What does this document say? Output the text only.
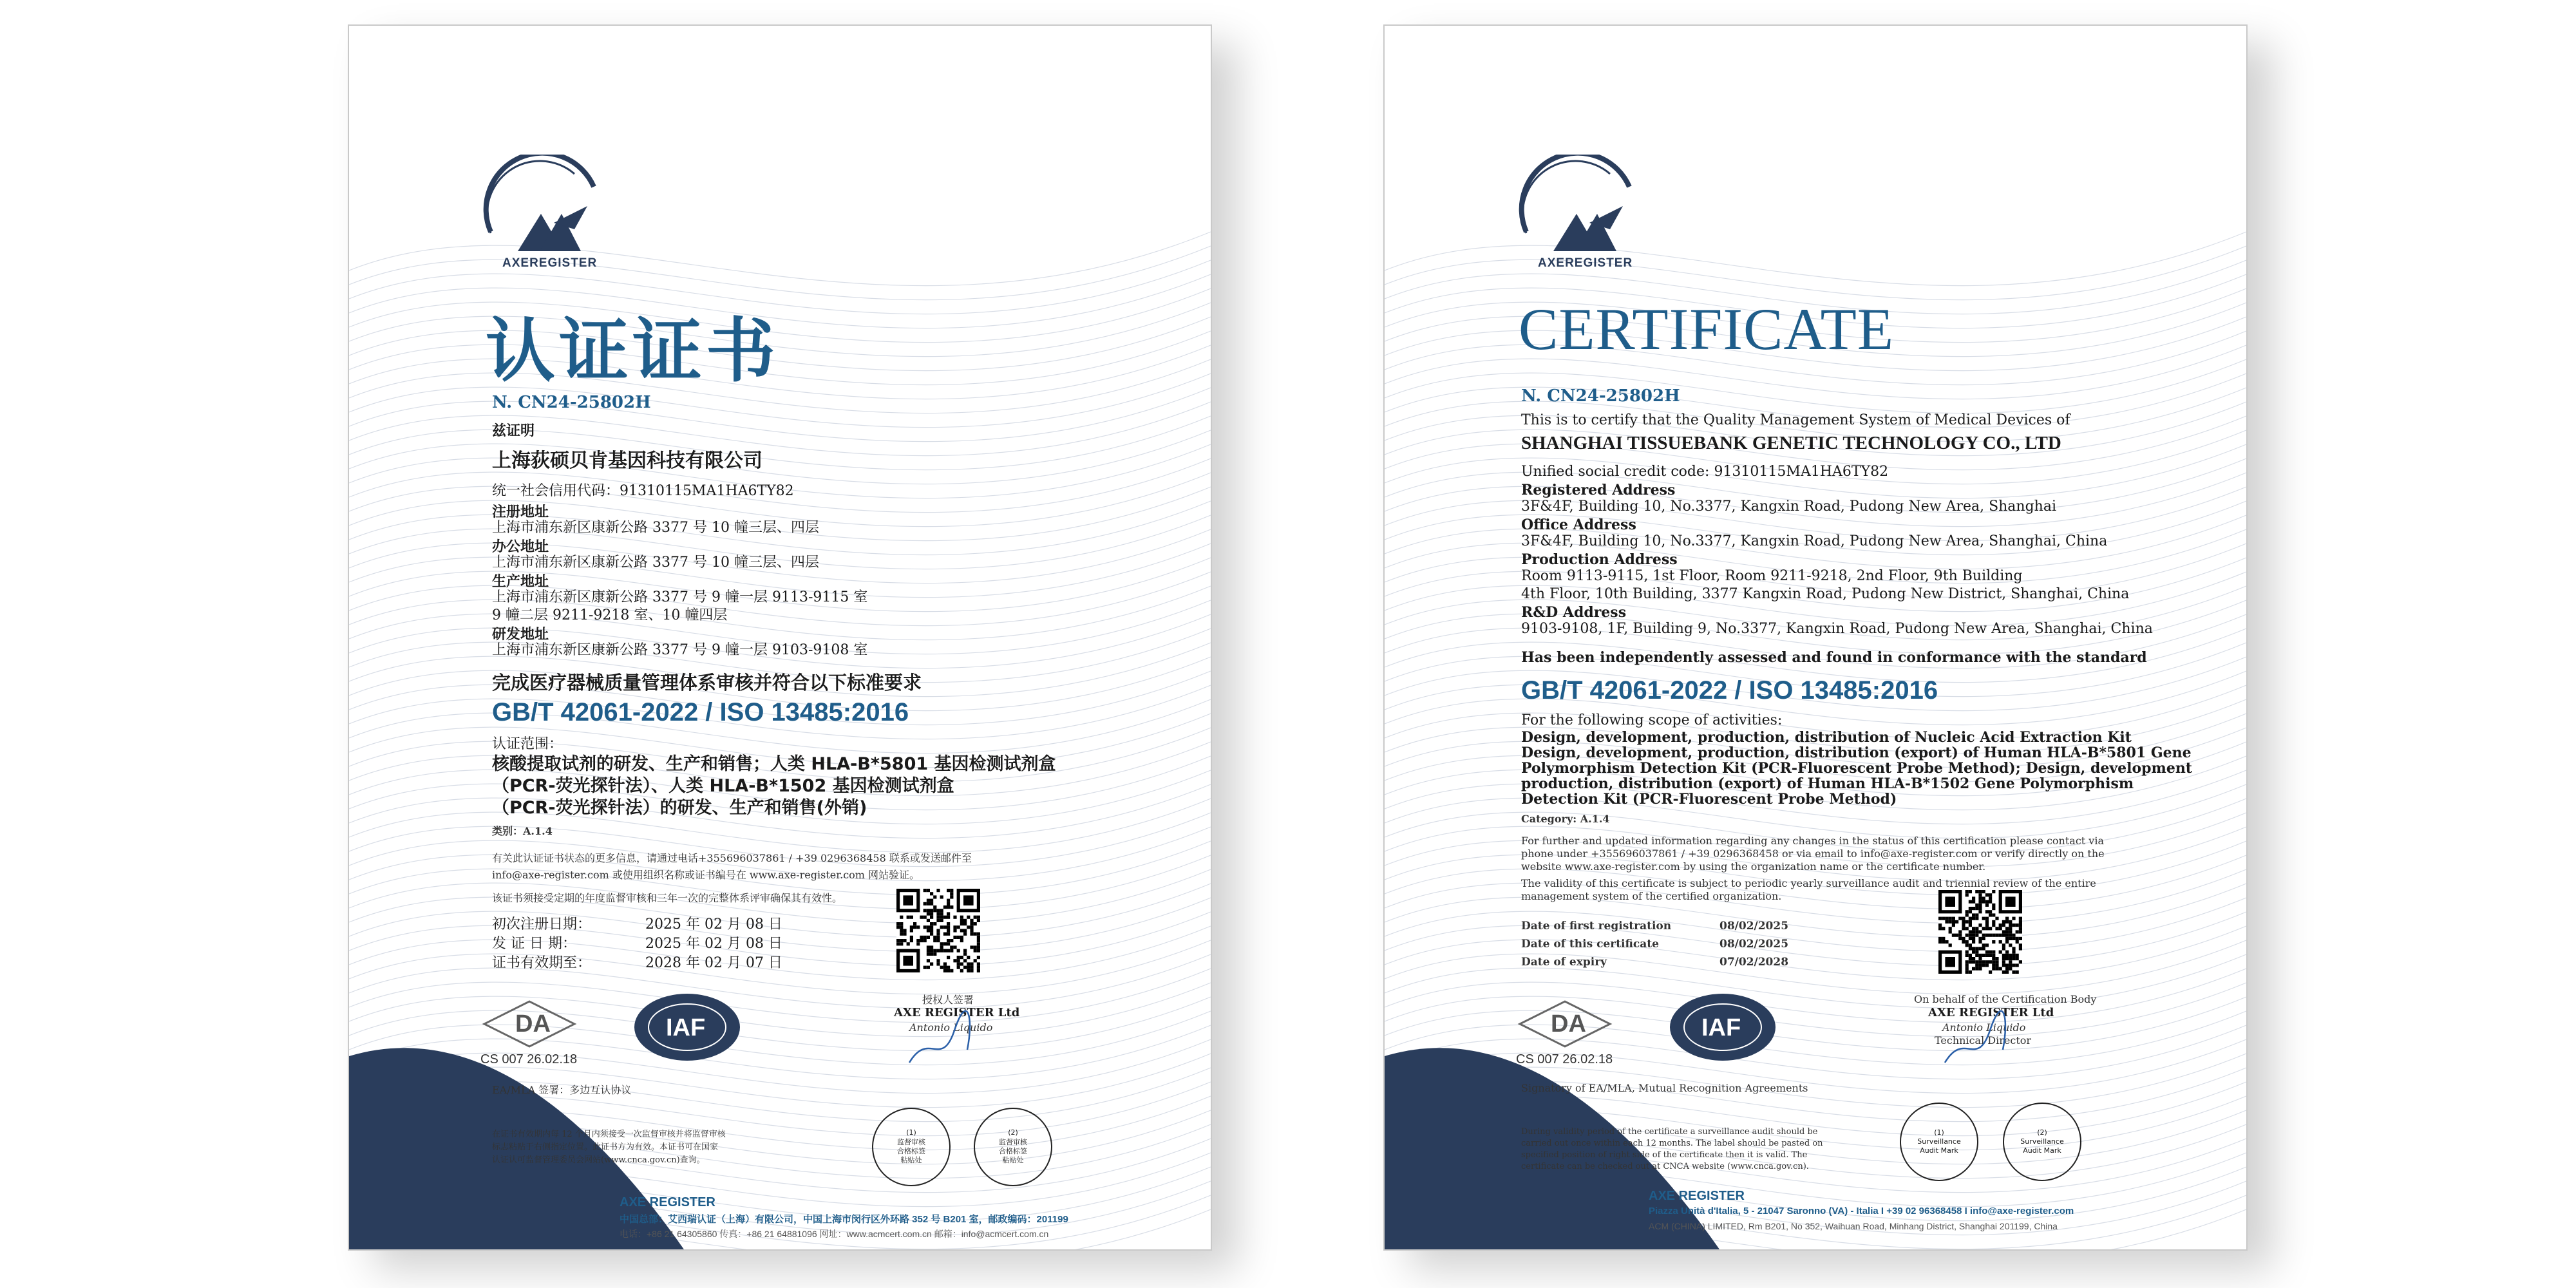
AXEREGISTER
认证证书
N. CN24-25802H
兹证明
上海荻硕贝肯基因科技有限公司
统一社会信用代码：91310115MA1HA6TY82
注册地址
上海市浦东新区康新公路 3377 号 10 幢三层、四层
办公地址
上海市浦东新区康新公路 3377 号 10 幢三层、四层
生产地址
上海市浦东新区康新公路 3377 号 9 幢一层 9113-9115 室
9 幢二层 9211-9218 室、10 幢四层
研发地址
上海市浦东新区康新公路 3377 号 9 幢一层 9103-9108 室
完成医疗器械质量管理体系审核并符合以下标准要求
GB/T 42061-2022 / ISO 13485:2016
认证范围：
核酸提取试剂的研发、生产和销售；人类 HLA-B*5801 基因检测试剂盒
（PCR-荧光探针法）、人类 HLA-B*1502 基因检测试剂盒
（PCR-荧光探针法）的研发、生产和销售(外销)
类别：A.1.4
有关此认证证书状态的更多信息，请通过电话+355696037861 / +39 0296368458 联系或发送邮件至
info@axe-register.com 或使用组织名称或证书编号在 www.axe-register.com 网站验证。
该证书须接受定期的年度监督审核和三年一次的完整体系评审确保其有效性。
初次注册日期：	2025 年 02 月 08 日
发 证 日 期：	2025 年 02 月 08 日
证书有效期至：	2028 年 02 月 07 日
授权人签署
AXE REGISTER Ltd
Antonio Liquido
DA
CS 007 26.02.18
IAF
EA/MLA 签署：多边互认协议
在证书有效期内每 12 个月内须接受一次监督审核并将监督审核
标志粘贴于右侧指定位置。此证书方为有效。本证书可在国家
认证认可监督管理委员会网站(www.cnca.gov.cn)查询。
(1)
监督审核
合格标签
粘贴处
(2)
监督审核
合格标签
粘贴处
AXE REGISTER
中国总部：艾西瑞认证（上海）有限公司，中国上海市闵行区外环路 352 号 B201 室，邮政编码：201199
电话：+86 21 64305860 传真：+86 21 64881096 网址：www.acmcert.com.cn 邮箱：info@acmcert.com.cn
AXEREGISTER
CERTIFICATE
N. CN24-25802H
This is to certify that the Quality Management System of Medical Devices of
SHANGHAI TISSUEBANK GENETIC TECHNOLOGY CO., LTD
Unified social credit code: 91310115MA1HA6TY82
Registered Address
3F&4F, Building 10, No.3377, Kangxin Road, Pudong New Area, Shanghai
Office Address
3F&4F, Building 10, No.3377, Kangxin Road, Pudong New Area, Shanghai, China
Production Address
Room 9113-9115, 1st Floor, Room 9211-9218, 2nd Floor, 9th Building
4th Floor, 10th Building, 3377 Kangxin Road, Pudong New District, Shanghai, China
R&D Address
9103-9108, 1F, Building 9, No.3377, Kangxin Road, Pudong New Area, Shanghai, China
Has been independently assessed and found in conformance with the standard
GB/T 42061-2022 / ISO 13485:2016
For the following scope of activities:
Design, development, production, distribution of Nucleic Acid Extraction Kit
Design, development, production, distribution (export) of Human HLA-B*5801 Gene
Polymorphism Detection Kit (PCR-Fluorescent Probe Method); Design, development
production, distribution (export) of Human HLA-B*1502 Gene Polymorphism
Detection Kit (PCR-Fluorescent Probe Method)
Category: A.1.4
For further and updated information regarding any changes in the status of this certification please contact via
phone under +355696037861 / +39 0296368458 or via email to info@axe-register.com or verify directly on the
website www.axe-register.com by using the organization name or the certificate number.
The validity of this certificate is subject to periodic yearly surveillance audit and triennial review of the entire
management system of the certified organization.
Date of first registration	08/02/2025
Date of this certificate	08/02/2025
Date of expiry	07/02/2028
On behalf of the Certification Body
AXE REGISTER Ltd
Antonio Liquido
Technical Director
DA
CS 007 26.02.18
IAF
Signatory of EA/MLA, Mutual Recognition Agreements
During validity period of the certificate a surveillance audit should be
carried out once within each 12 months. The label should be pasted on
specified position of right side of the certificate then it is valid. The
certificate can be checked out at CNCA website (www.cnca.gov.cn).
(1)
Surveillance
Audit Mark
(2)
Surveillance
Audit Mark
AXE REGISTER
Piazza Unità d'Italia, 5 - 21047 Saronno (VA) - Italia I +39 02 96368458 I info@axe-register.com
ACM (CHINA) LIMITED, Rm B201, No 352, Waihuan Road, Minhang District, Shanghai 201199, China
